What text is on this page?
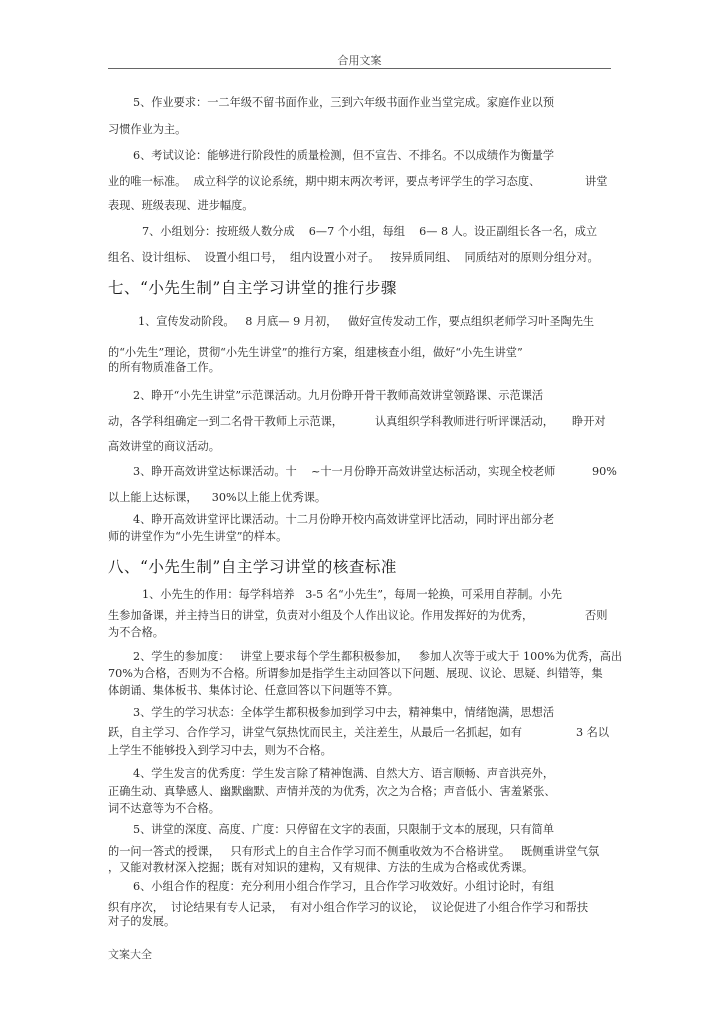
合用文案
5、作业要求：一二年级不留书面作业，三到六年级书面作业当堂完成。家庭作业以预
习惯作业为主。
6、考试议论：能够进行阶段性的质量检测，但不宣告、不排名。不以成绩作为衡量学
业的唯一标准。  成立科学的议论系统，期中期末两次考评，要点考评学生的学习态度、	讲堂
表现、班级表现、进步幅度。
7、小组划分：按班级人数分成    6—7 个小组，每组    6— 8 人。设正副组长各一名，成立
组名、设计组标、  设置小组口号，  组内设置小对子。   按异质同组、  同质结对的原则分组分对。
七、“小先生制”自主学习讲堂的推行步骤
1、宣传发动阶段。   8 月底— 9 月初，   做好宣传发动工作，要点组织老师学习叶圣陶先生
的“小先生”理论，贯彻“小先生讲堂”的推行方案，组建核查小组，做好“小先生讲堂”
的所有物质准备工作。
2、睁开“小先生讲堂”示范课活动。九月份睁开骨干教师高效讲堂领路课、示范课活
动，各学科组确定一到二名骨干教师上示范课，         认真组织学科教师进行听评课活动， 睁开对
高效讲堂的商议活动。
3、睁开高效讲堂达标课活动。十    ~十一月份睁开高效讲堂达标活动，实现全校老师	90%
以上能上达标课，    30%以上能上优秀课。
4、睁开高效讲堂评比课活动。十二月份睁开校内高效讲堂评比活动，同时评出部分老
师的讲堂作为“小先生讲堂”的样本。
八、“小先生制”自主学习讲堂的核查标准
1、小先生的作用：每学科培养   3-5 名“小先生”，每周一轮换，可采用自荐制。小先
生参加备课，并主持当日的讲堂，负责对小组及个人作出议论。作用发挥好的为优秀，	否则
为不合格。
2、学生的参加度：   讲堂上要求每个学生都积极参加，   参加人次等于或大于 100%为优秀，高出
70%为合格，否则为不合格。所谓参加是指学生主动回答以下问题、展现、议论、思疑、纠错等，集
体朗诵、集体板书、集体讨论、任意回答以下问题等不算。
3、学生的学习状态：全体学生都积极参加到学习中去，精神集中，情绪饱满，思想活
跃，自主学习、合作学习，讲堂气氛热忱而民主，关注差生，从最后一名抓起，如有	3 名以
上学生不能够投入到学习中去，则为不合格。
4、学生发言的优秀度：学生发言除了精神饱满、自然大方、语言顺畅、声音洪亮外，
正确生动、真挚感人、幽默幽默、声情并茂的为优秀，次之为合格；声音低小、害羞紧张、
词不达意等为不合格。
5、讲堂的深度、高度、广度：只停留在文字的表面，只限制于文本的展现，只有简单
的一问一答式的授课，   只有形式上的自主合作学习而不侧重收效为不合格讲堂。   既侧重讲堂气氛
，又能对教材深入挖掘；既有对知识的建构，又有规律、方法的生成为合格或优秀课。
6、小组合作的程度：充分利用小组合作学习，且合作学习收效好。小组讨论时，有组
织有序次，  讨论结果有专人记录，  有对小组合作学习的议论，  议论促进了小组合作学习和帮扶
对子的发展。
文案大全
